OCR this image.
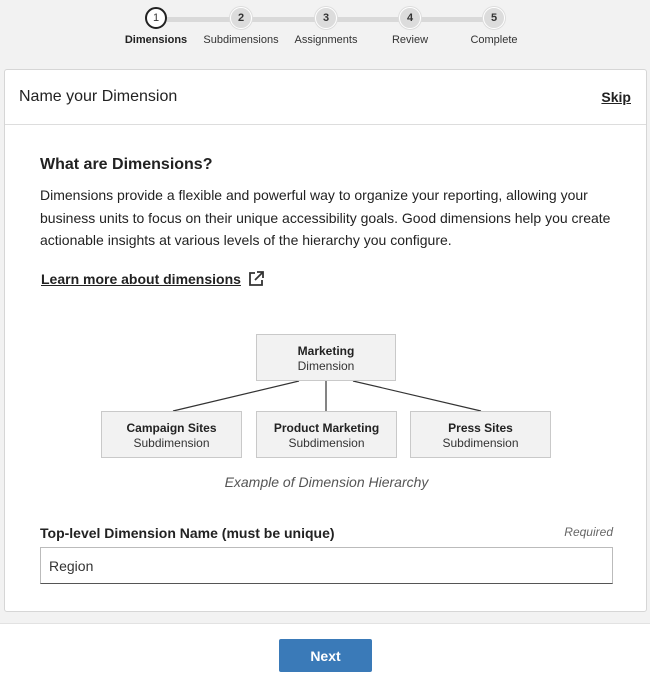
1	2	3	4	5
Dimensions	Subdimensions	Assignments	Review	Complete
Name your Dimension	Skip
What are Dimensions?
Dimensions provide a flexible and powerful way to organize your reporting, allowing your business units to focus on their unique accessibility goals. Good dimensions help you create actionable insights at various levels of the hierarchy you configure.
Learn more about dimensions
Marketing
Dimension
Campaign Sites
Subdimension
Product Marketing
Subdimension
Press Sites
Subdimension
Example of Dimension Hierarchy
Top-level Dimension Name (must be unique)	Required
Region
Next
